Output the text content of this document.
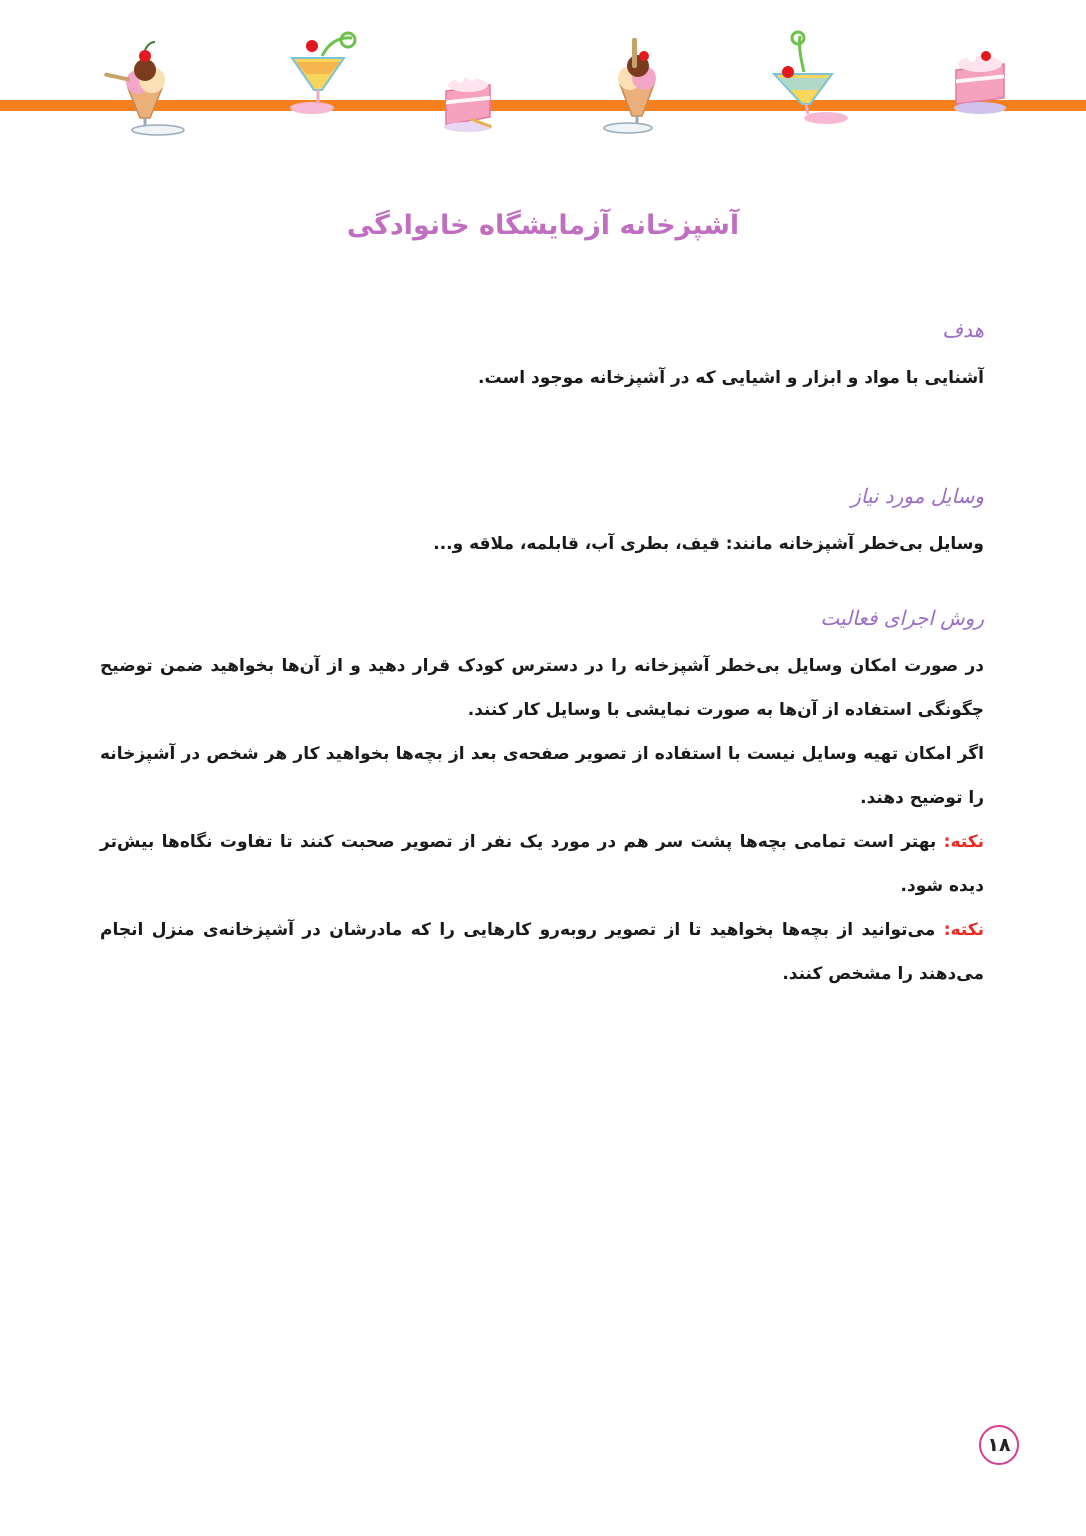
آشپزخانه آزمایشگاه خانوادگی
هدف

آشنایی با مواد و ابزار و اشیایی که در آشپزخانه موجود است.

وسایل مورد نیاز

وسایل بی‌خطر آشپزخانه مانند: قیف، بطری آب، قابلمه، ملاقه و...

روش اجرای فعالیت

در صورت امکان وسایل بی‌خطر آشپزخانه را در دسترس کودک قرار دهید و از آن‌ها بخواهید ضمن توضیح چگونگی استفاده از آن‌ها به صورت نمایشی با وسایل کار کنند.

اگر امکان تهیه وسایل نیست با استفاده از تصویر صفحه‌ی بعد از بچه‌ها بخواهید کار هر شخص در آشپزخانه را توضیح دهند.

نکته: بهتر است تمامی بچه‌ها پشت سر هم در مورد یک نفر از تصویر صحبت کنند تا تفاوت نگاه‌ها بیش‌تر دیده شود.

نکته: می‌توانید از بچه‌ها بخواهید تا از تصویر روبه‌رو کارهایی را که مادرشان در آشپزخانه‌ی منزل انجام می‌دهند را مشخص کنند.

۱۸
